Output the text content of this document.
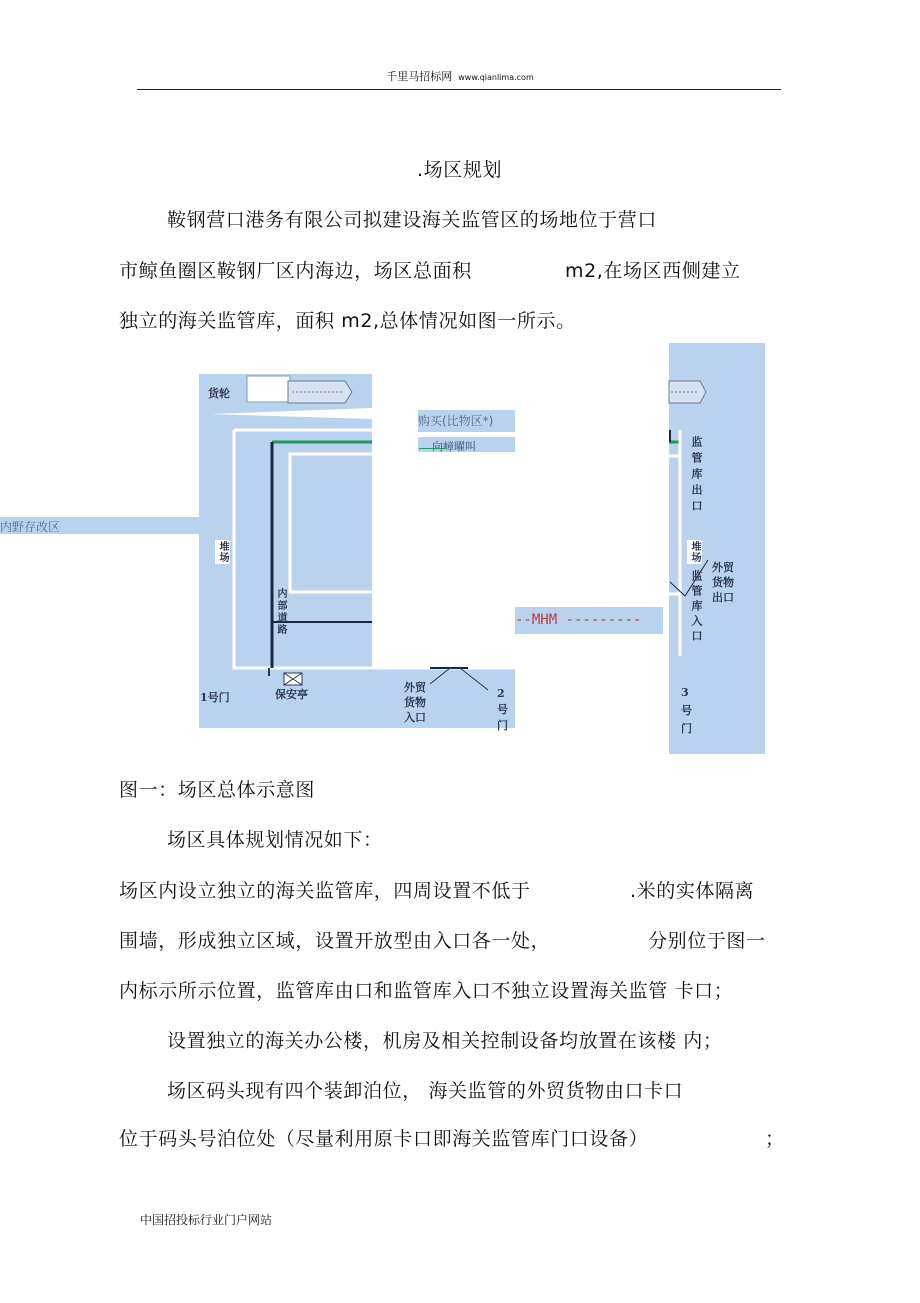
千里马招标网 www.qianlima.com
.场区规划
鞍钢营口港务有限公司拟建设海关监管区的场地位于营口
市鲸鱼圈区鞍钢厂区内海边，场区总面积	m2,在场区西侧建立
独立的海关监管库，面积 m2,总体情况如图一所示。
货轮
购买(比物区*)
向嶂曜叫
内野存改区
堆场
内部道路	--MHM ---------
1号门	保安亭
外贸货物入口
2号门
监管库出口
堆场
监管库入口
外贸货物出口
3号门
图一：场区总体示意图
场区具体规划情况如下：
场区内设立独立的海关监管库，四周设置不低于	.米的实体隔离
围墙，形成独立区域，设置开放型由入口各一处，	分别位于图一
内标示所示位置，监管库由口和监管库入口不独立设置海关监管 卡口；
设置独立的海关办公楼，机房及相关控制设备均放置在该楼 内；
场区码头现有四个装卸泊位， 海关监管的外贸货物由口卡口
位于码头号泊位处（尽量利用原卡口即海关监管库门口设备）	；
中国招投标行业门户网站
